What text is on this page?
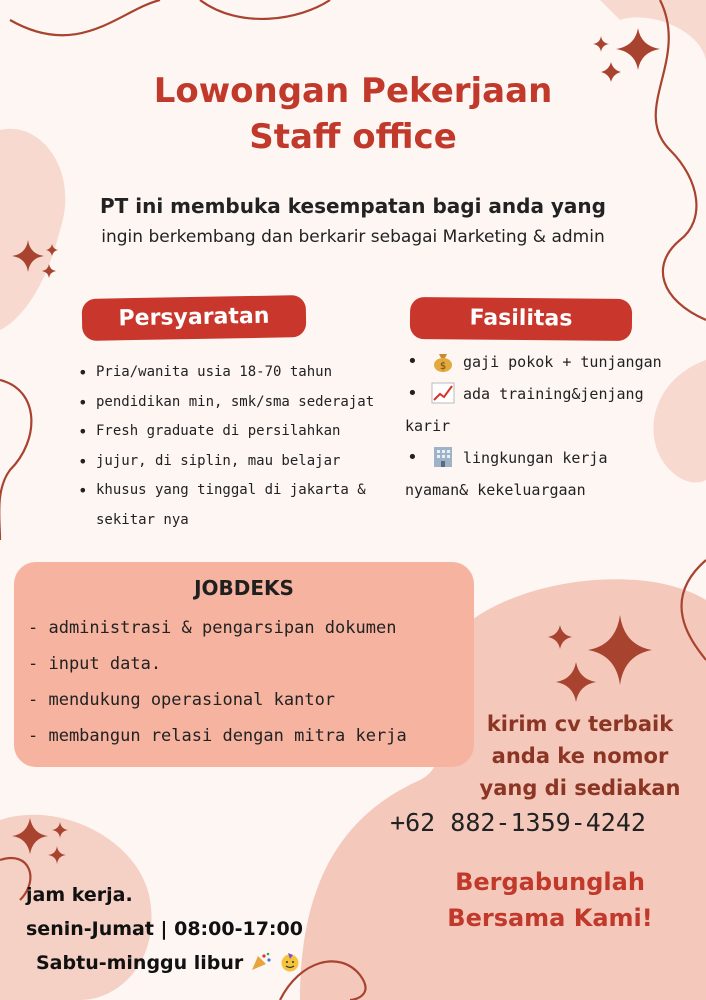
Lowongan Pekerjaan
Staff office
PT ini membuka kesempatan bagi anda yang
ingin berkembang dan berkarir sebagai Marketing & admin
Persyaratan	Fasilitas
• Pria/wanita usia 18-70 tahun
• pendidikan min, smk/sma sederajat
• Fresh graduate di persilahkan
• jujur, di siplin, mau belajar
• khusus yang tinggal di jakarta &
sekitar nya
• $ gaji pokok + tunjangan
• ada training&jenjang
karir
• lingkungan kerja
nyaman& kekeluargaan
JOBDEKS
- administrasi & pengarsipan dokumen
- input data.
- mendukung operasional kantor
- membangun relasi dengan mitra kerja	kirim cv terbaik
anda ke nomor
yang di sediakan
+62 882-1359-4242
Bergabunglah
Bersama Kami!
jam kerja.
senin-Jumat | 08:00-17:00
Sabtu-minggu libur
